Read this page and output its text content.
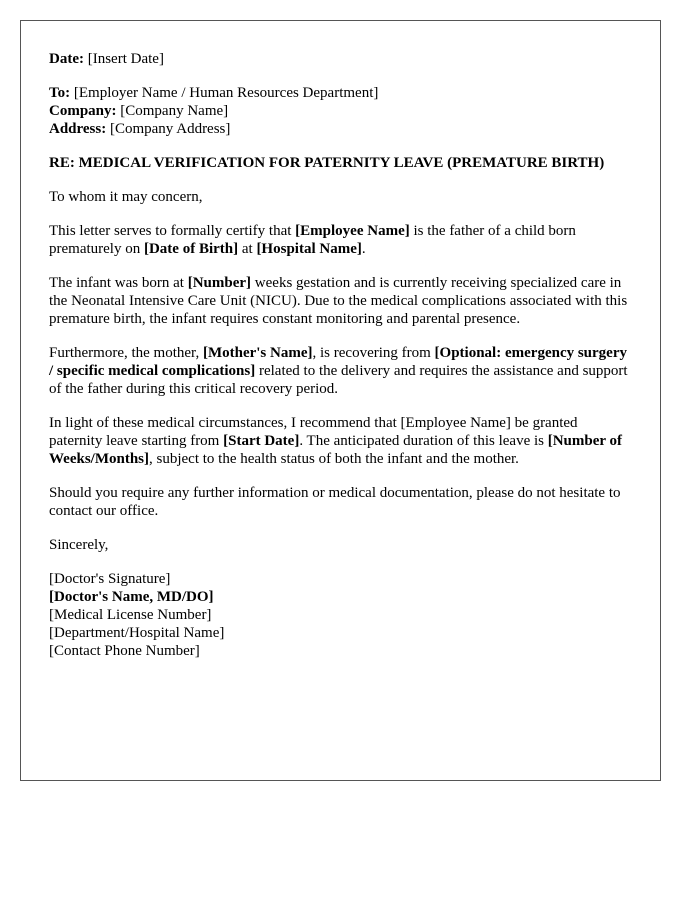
Date: [Insert Date]

To: [Employer Name / Human Resources Department]
Company: [Company Name]
Address: [Company Address]

RE: MEDICAL VERIFICATION FOR PATERNITY LEAVE (PREMATURE BIRTH)

To whom it may concern,

This letter serves to formally certify that [Employee Name] is the father of a child born prematurely on [Date of Birth] at [Hospital Name].

The infant was born at [Number] weeks gestation and is currently receiving specialized care in the Neonatal Intensive Care Unit (NICU). Due to the medical complications associated with this premature birth, the infant requires constant monitoring and parental presence.

Furthermore, the mother, [Mother's Name], is recovering from [Optional: emergency surgery / specific medical complications] related to the delivery and requires the assistance and support of the father during this critical recovery period.

In light of these medical circumstances, I recommend that [Employee Name] be granted paternity leave starting from [Start Date]. The anticipated duration of this leave is [Number of Weeks/Months], subject to the health status of both the infant and the mother.

Should you require any further information or medical documentation, please do not hesitate to contact our office.

Sincerely,

[Doctor's Signature]
[Doctor's Name, MD/DO]
[Medical License Number]
[Department/Hospital Name]
[Contact Phone Number]
